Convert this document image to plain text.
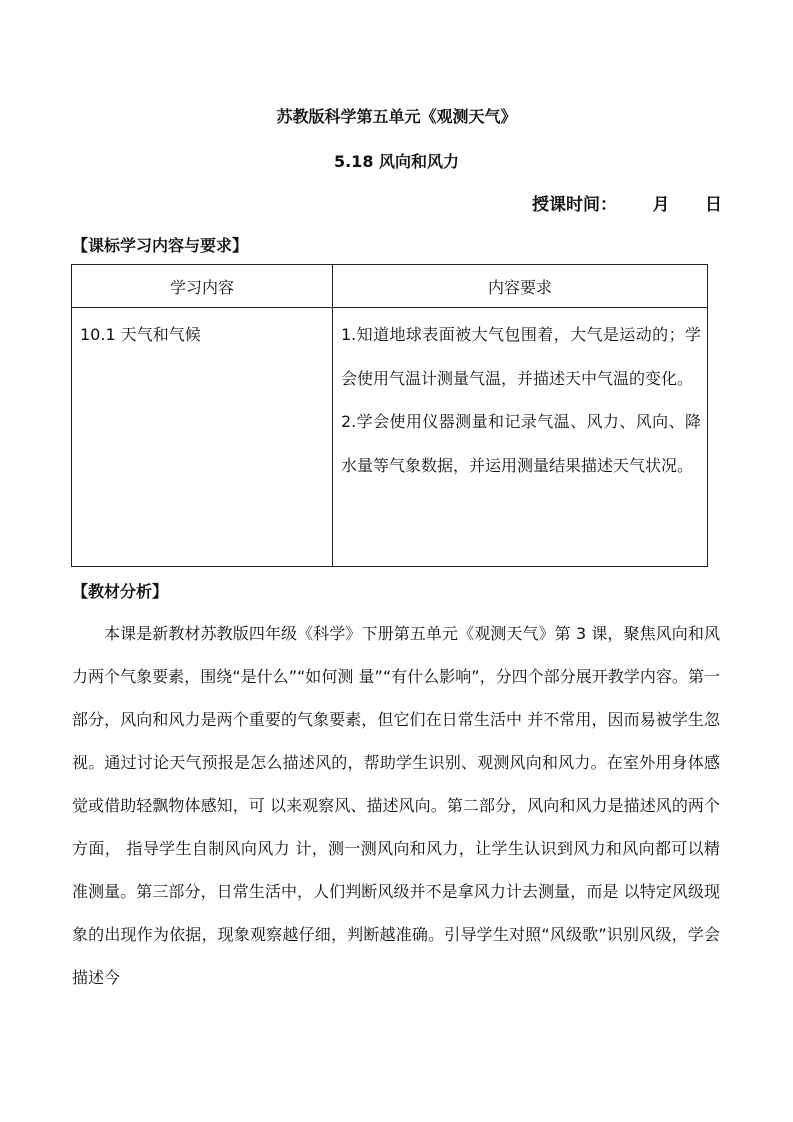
苏教版科学第五单元《观测天气》
5.18 风向和风力
授课时间：      月      日
【课标学习内容与要求】
学习内容	内容要求
10.1 天气和气候	1.知道地球表面被大气包围着，大气是运动的；学会使用气温计测量气温，并描述天中气温的变化。

2.学会使用仪器测量和记录气温、风力、风向、降水量等气象数据，并运用测量结果描述天气状况。

【教材分析】

本课是新教材苏教版四年级《科学》下册第五单元《观测天气》第 3 课，聚焦风向和风力两个气象要素，围绕“是什么”“如何测 量”“有什么影响”，分四个部分展开教学内容。第一部分，风向和风力是两个重要的气象要素，但它们在日常生活中 并不常用，因而易被学生忽视。通过讨论天气预报是怎么描述风的，帮助学生识别、观测风向和风力。在室外用身体感觉或借助轻飘物体感知，可 以来观察风、描述风向。第二部分，风向和风力是描述风的两个方面， 指导学生自制风向风力 计，测一测风向和风力，让学生认识到风力和风向都可以精准测量。第三部分，日常生活中，人们判断风级并不是拿风力计去测量，而是 以特定风级现象的出现作为依据，现象观察越仔细，判断越准确。引导学生对照“风级歌”识别风级，学会描述今
